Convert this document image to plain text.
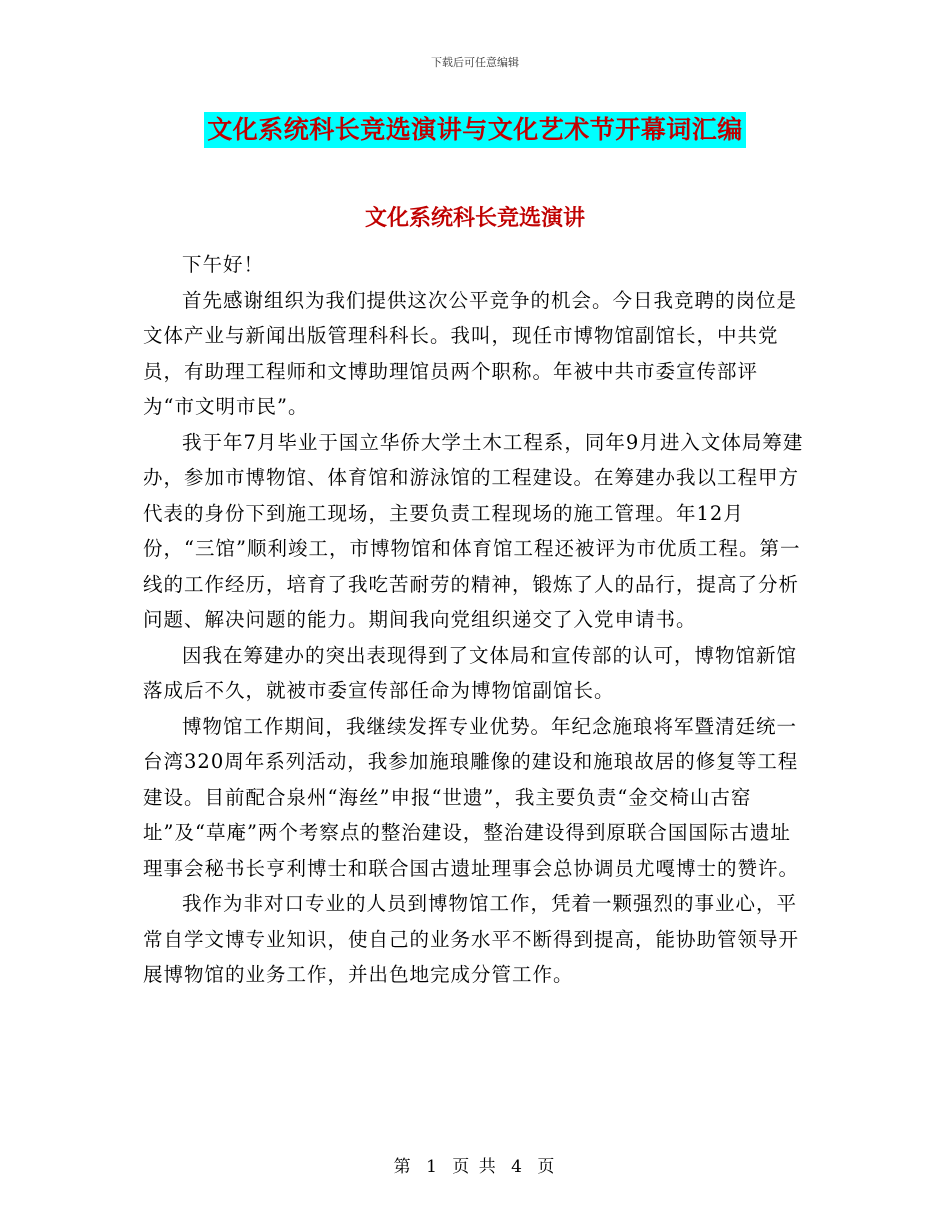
下载后可任意编辑
文化系统科长竞选演讲与文化艺术节开幕词汇编
文化系统科长竞选演讲

下午好！

首先感谢组织为我们提供这次公平竞争的机会。今日我竞聘的岗位是文体产业与新闻出版管理科科长。我叫，现任市博物馆副馆长，中共党员，有助理工程师和文博助理馆员两个职称。年被中共市委宣传部评为“市文明市民”。

我于年7月毕业于国立华侨大学土木工程系，同年9月进入文体局筹建办，参加市博物馆、体育馆和游泳馆的工程建设。在筹建办我以工程甲方代表的身份下到施工现场，主要负责工程现场的施工管理。年12月份，“三馆”顺利竣工，市博物馆和体育馆工程还被评为市优质工程。第一线的工作经历，培育了我吃苦耐劳的精神，锻炼了人的品行，提高了分析问题、解决问题的能力。期间我向党组织递交了入党申请书。

因我在筹建办的突出表现得到了文体局和宣传部的认可，博物馆新馆落成后不久，就被市委宣传部任命为博物馆副馆长。

博物馆工作期间，我继续发挥专业优势。年纪念施琅将军暨清廷统一台湾320周年系列活动，我参加施琅雕像的建设和施琅故居的修复等工程建设。目前配合泉州“海丝”申报“世遗”，我主要负责“金交椅山古窑址”及“草庵”两个考察点的整治建设，整治建设得到原联合国国际古遗址理事会秘书长亨利博士和联合国古遗址理事会总协调员尤嘎博士的赞许。

我作为非对口专业的人员到博物馆工作，凭着一颗强烈的事业心，平常自学文博专业知识，使自己的业务水平不断得到提高，能协助管领导开展博物馆的业务工作，并出色地完成分管工作。

第 1 页 共 4 页
